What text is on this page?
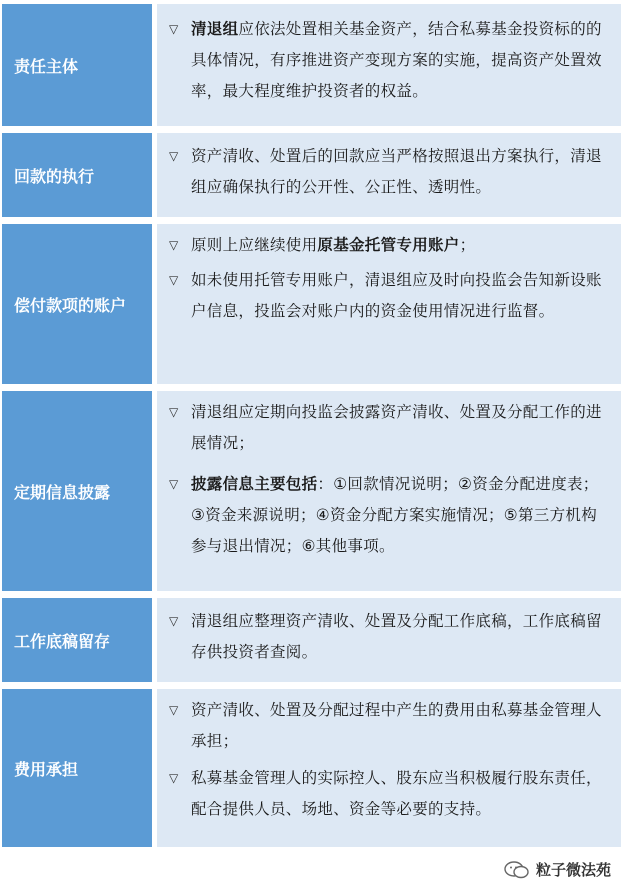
责任主体
▽ 清退组应依法处置相关基金资产，结合私募基金投资标的的具体情况，有序推进资产变现方案的实施，提高资产处置效率，最大程度维护投资者的权益。
回款的执行
▽ 资产清收、处置后的回款应当严格按照退出方案执行，清退组应确保执行的公开性、公正性、透明性。
偿付款项的账户
▽ 原则上应继续使用原基金托管专用账户；
▽ 如未使用托管专用账户，清退组应及时向投监会告知新设账户信息，投监会对账户内的资金使用情况进行监督。
定期信息披露
▽ 清退组应定期向投监会披露资产清收、处置及分配工作的进展情况；
▽ 披露信息主要包括：①回款情况说明；②资金分配进度表；③资金来源说明；④资金分配方案实施情况；⑤第三方机构参与退出情况；⑥其他事项。
工作底稿留存
▽ 清退组应整理资产清收、处置及分配工作底稿，工作底稿留存供投资者查阅。
费用承担
▽ 资产清收、处置及分配过程中产生的费用由私募基金管理人承担；
▽ 私募基金管理人的实际控人、股东应当积极履行股东责任，配合提供人员、场地、资金等必要的支持。
粒子微法苑
